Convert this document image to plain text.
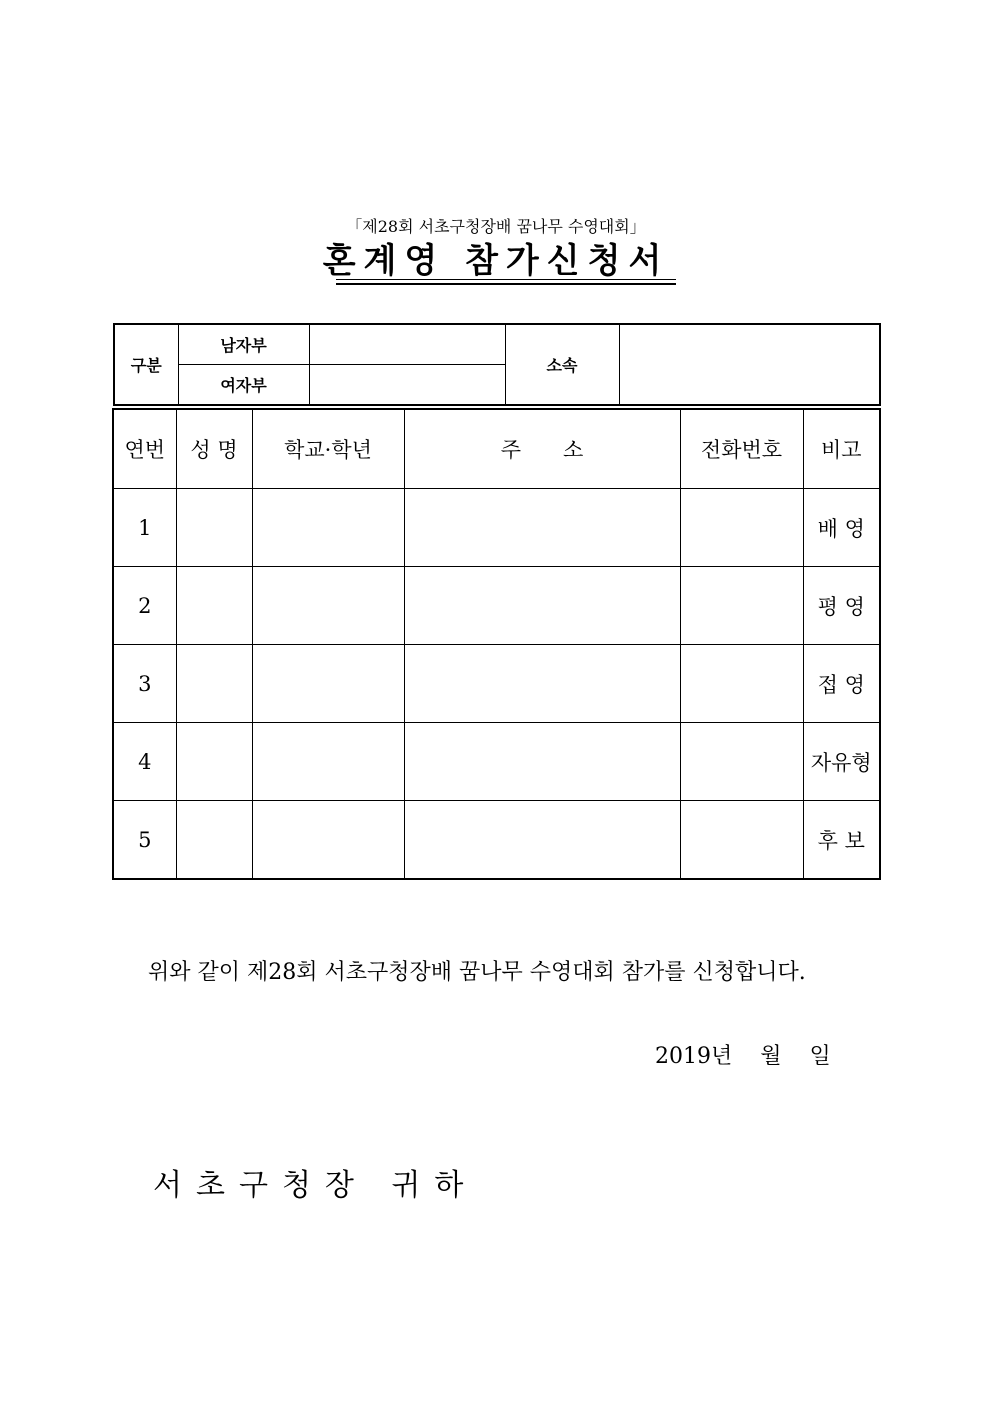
「제28회 서초구청장배 꿈나무 수영대회」
혼계영 참가신청서
구분	남자부		소속	
	여자부			
연번	성 명	학교·학년	주　　소	전화번호	비고
1					배 영
2					평 영
3					접 영
4					자유형
5					후 보
위와 같이 제28회 서초구청장배 꿈나무 수영대회 참가를 신청합니다.
2019년    월    일
서초구청장 귀하
